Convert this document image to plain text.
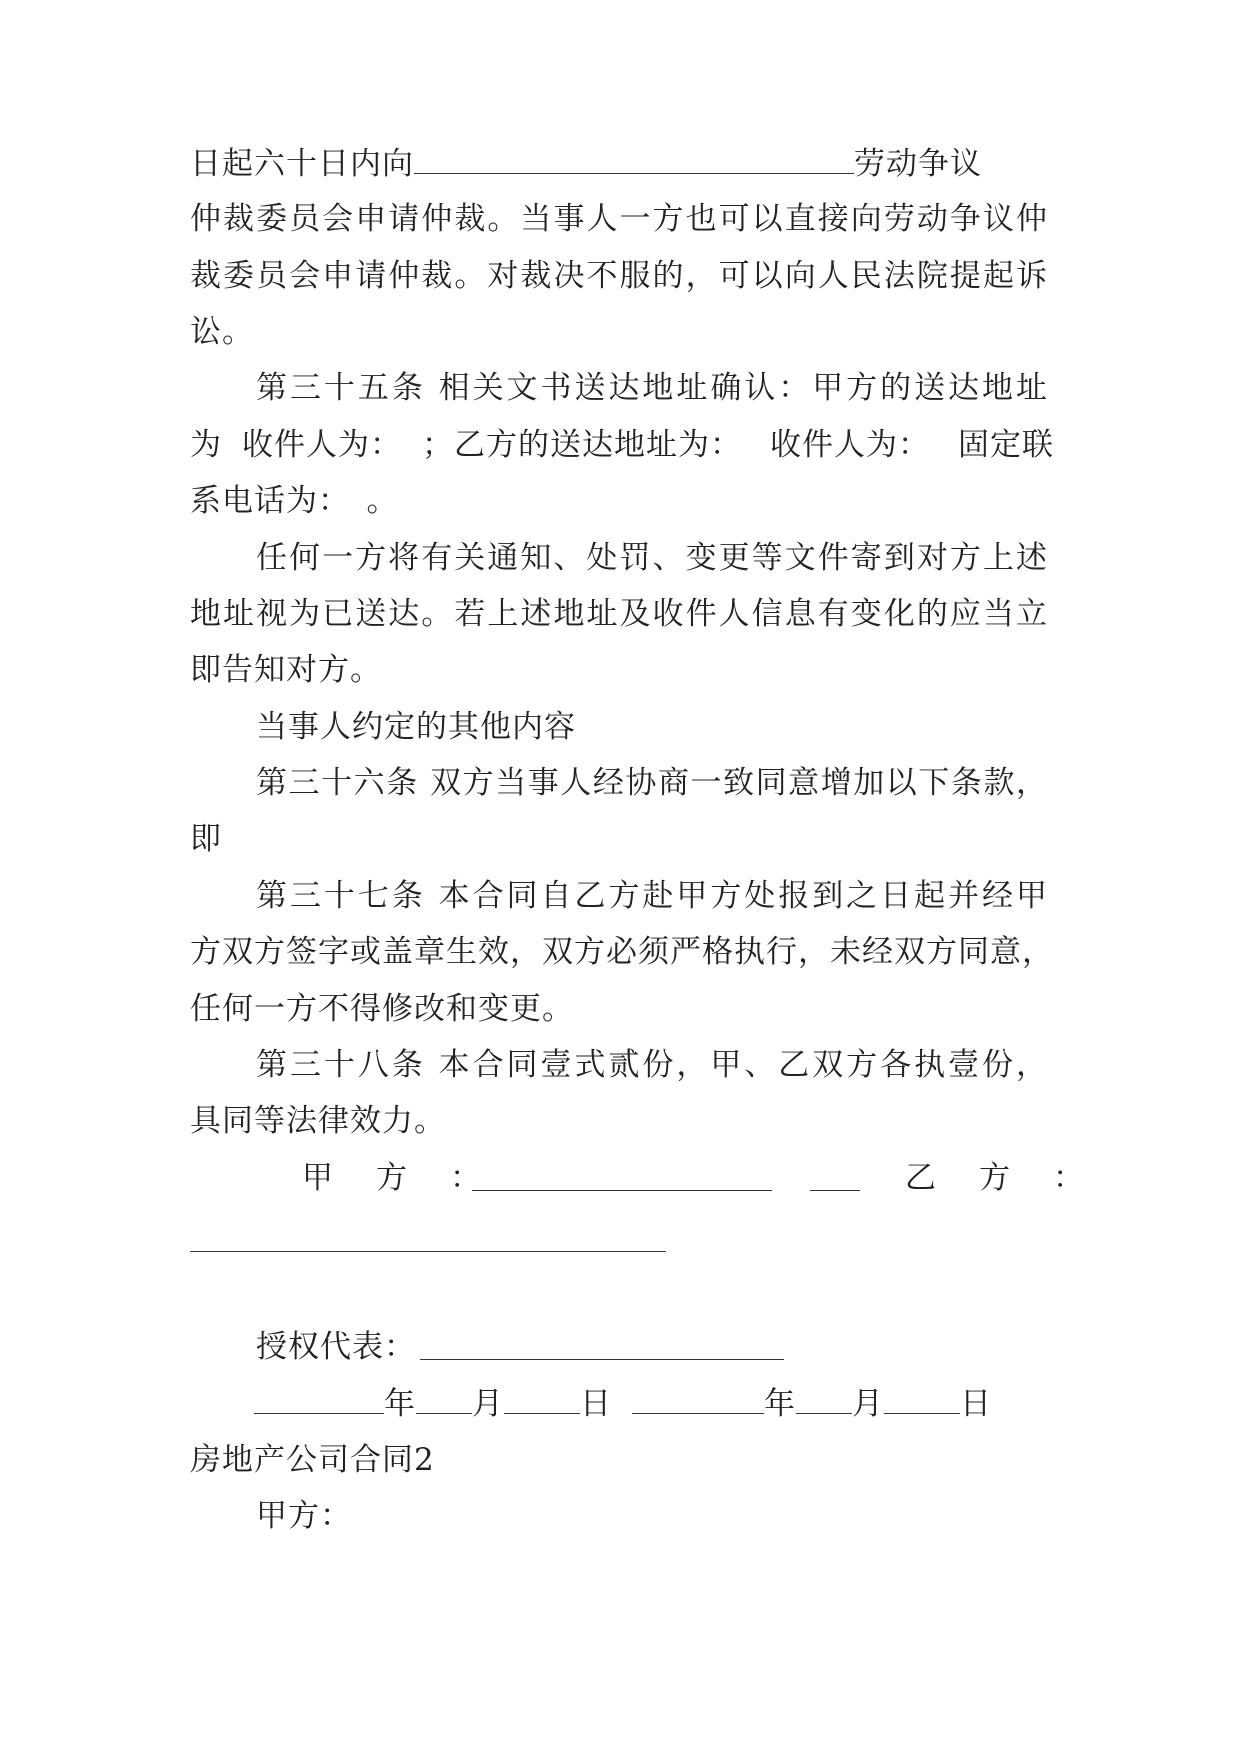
日起六十日内向	劳动争议
仲裁委员会申请仲裁。当事人一方也可以直接向劳动争议仲
裁委员会申请仲裁。对裁决不服的，可以向人民法院提起诉
讼。
第三十五条 相关文书送达地址确认：甲方的送达地址
为 收件人为： ；乙方的送达地址为： 收件人为： 固定联
系电话为：　。
任何一方将有关通知、处罚、变更等文件寄到对方上述
地址视为已送达。若上述地址及收件人信息有变化的应当立
即告知对方。
当事人约定的其他内容
第三十六条 双方当事人经协商一致同意增加以下条款，
即
第三十七条 本合同自乙方赴甲方处报到之日起并经甲
方双方签字或盖章生效，双方必须严格执行，未经双方同意，
任何一方不得修改和变更。
第三十八条 本合同壹式贰份，甲、乙双方各执壹份，
具同等法律效力。
甲　方　：	乙　方　：
授权代表：
年 月 日	年 月 日
房地产公司合同2
甲方：
